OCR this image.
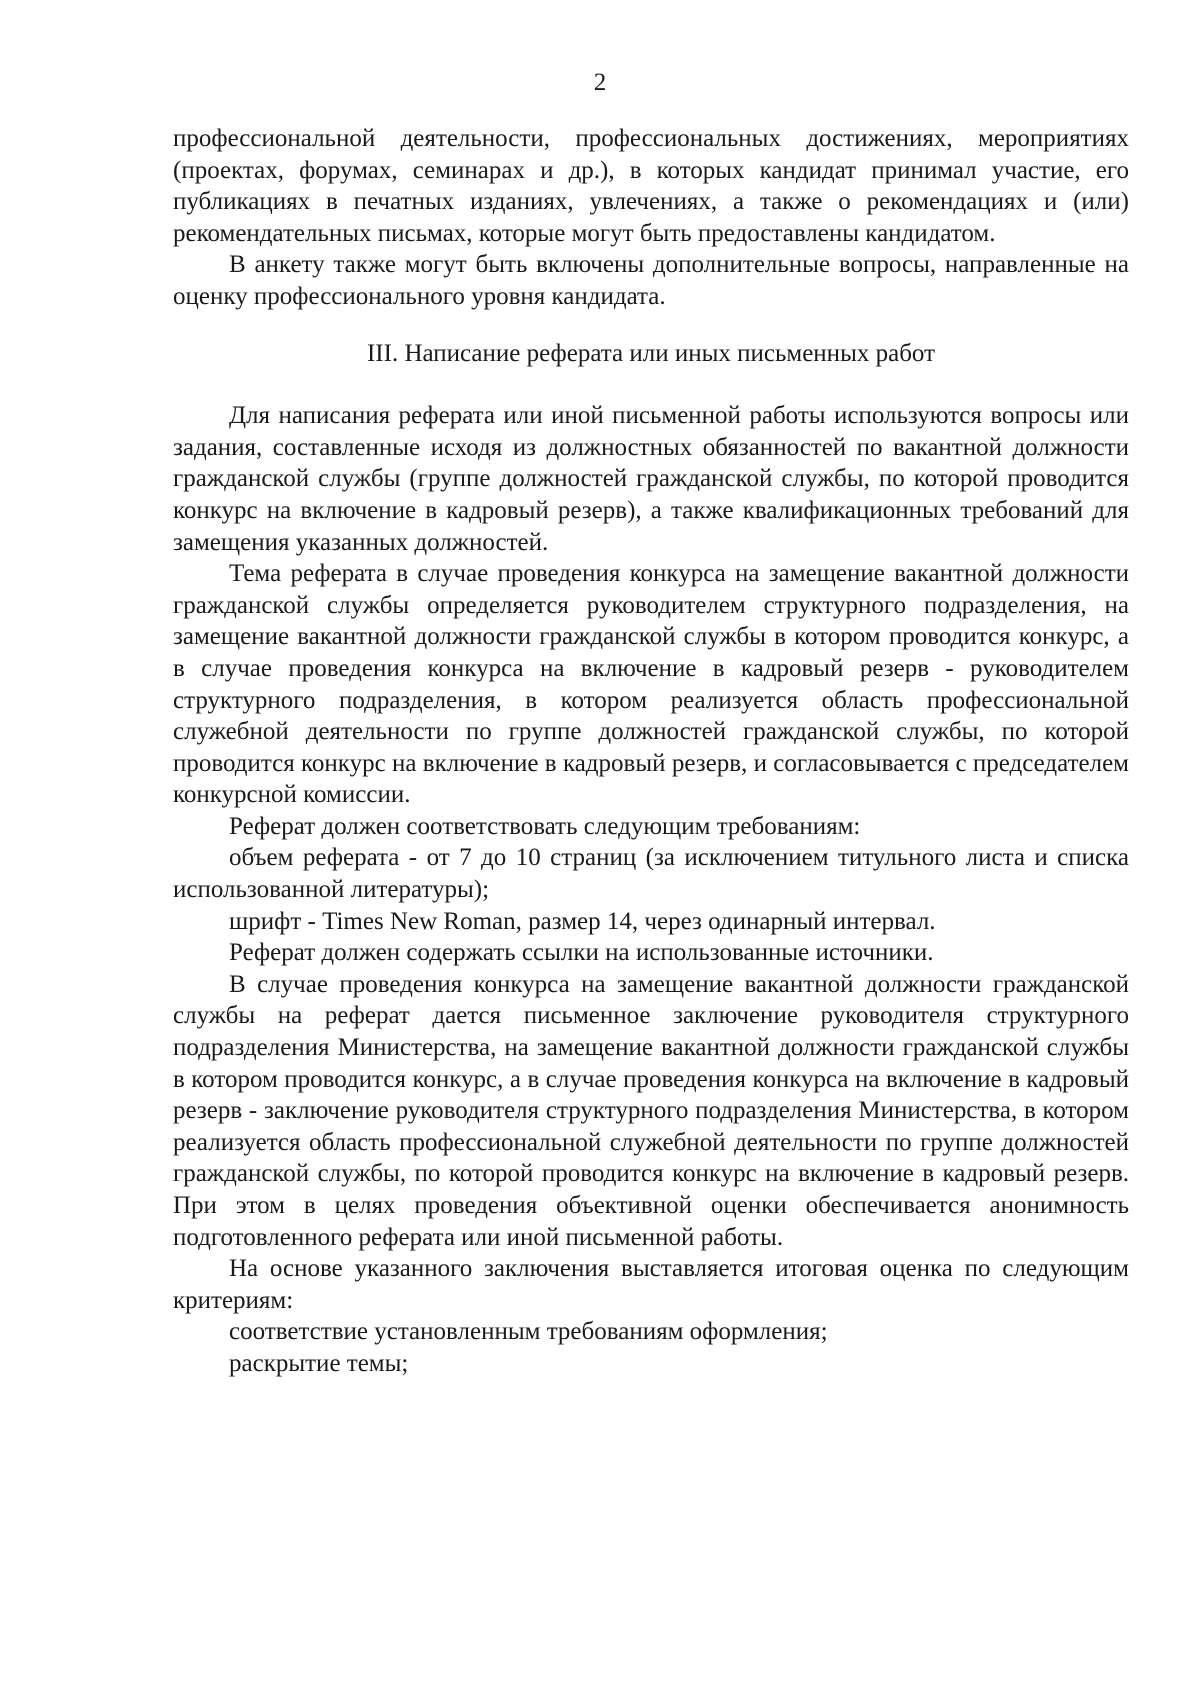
2

профессиональной деятельности, профессиональных достижениях, мероприятиях (проектах, форумах, семинарах и др.), в которых кандидат принимал участие, его публикациях в печатных изданиях, увлечениях, а также о рекомендациях и (или) рекомендательных письмах, которые могут быть предоставлены кандидатом.

В анкету также могут быть включены дополнительные вопросы, направленные на оценку профессионального уровня кандидата.

III. Написание реферата или иных письменных работ

Для написания реферата или иной письменной работы используются вопросы или задания, составленные исходя из должностных обязанностей по вакантной должности гражданской службы (группе должностей гражданской службы, по которой проводится конкурс на включение в кадровый резерв), а также квалификационных требований для замещения указанных должностей.

Тема реферата в случае проведения конкурса на замещение вакантной должности гражданской службы определяется руководителем структурного подразделения, на замещение вакантной должности гражданской службы в котором проводится конкурс, а в случае проведения конкурса на включение в кадровый резерв - руководителем структурного подразделения, в котором реализуется область профессиональной служебной деятельности по группе должностей гражданской службы, по которой проводится конкурс на включение в кадровый резерв, и согласовывается с председателем конкурсной комиссии.

Реферат должен соответствовать следующим требованиям:

объем реферата - от 7 до 10 страниц (за исключением титульного листа и списка использованной литературы);

шрифт - Times New Roman, размер 14, через одинарный интервал.

Реферат должен содержать ссылки на использованные источники.

В случае проведения конкурса на замещение вакантной должности гражданской службы на реферат дается письменное заключение руководителя структурного подразделения Министерства, на замещение вакантной должности гражданской службы в котором проводится конкурс, а в случае проведения конкурса на включение в кадровый резерв - заключение руководителя структурного подразделения Министерства, в котором реализуется область профессиональной служебной деятельности по группе должностей гражданской службы, по которой проводится конкурс на включение в кадровый резерв. При этом в целях проведения объективной оценки обеспечивается анонимность подготовленного реферата или иной письменной работы.

На основе указанного заключения выставляется итоговая оценка по следующим критериям:

соответствие установленным требованиям оформления;

раскрытие темы;
